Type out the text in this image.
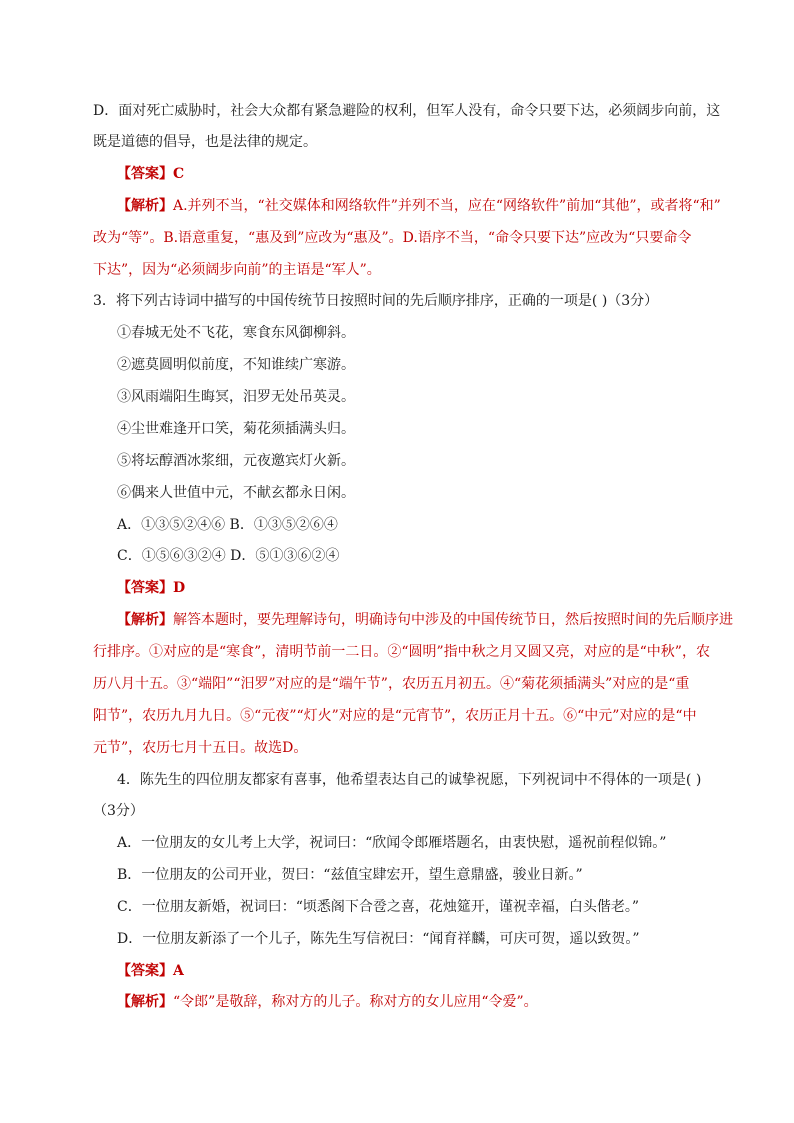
D．面对死亡威胁时，社会大众都有紧急避险的权利，但军人没有，命令只要下达，必须阔步向前，这
既是道德的倡导，也是法律的规定。
【答案】C
【解析】A.并列不当，“社交媒体和网络软件”并列不当，应在“网络软件”前加“其他”，或者将“和”
改为“等”。B.语意重复，“惠及到”应改为“惠及”。D.语序不当，“命令只要下达”应改为“只要命令
下达”，因为“必须阔步向前”的主语是“军人”。
3．将下列古诗词中描写的中国传统节日按照时间的先后顺序排序，正确的一项是( )（3分）
①春城无处不飞花，寒食东风御柳斜。
②遮莫圆明似前度，不知谁续广寒游。
③风雨端阳生晦冥，汨罗无处吊英灵。
④尘世难逢开口笑，菊花须插满头归。
⑤将坛醇酒冰浆细，元夜邀宾灯火新。
⑥偶来人世值中元，不献玄都永日闲。
A．①③⑤②④⑥ B．①③⑤②⑥④
C．①⑤⑥③②④ D．⑤①③⑥②④
【答案】D
【解析】解答本题时，要先理解诗句，明确诗句中涉及的中国传统节日，然后按照时间的先后顺序进
行排序。①对应的是“寒食”，清明节前一二日。②“圆明”指中秋之月又圆又亮，对应的是“中秋”，农
历八月十五。③“端阳”“汨罗”对应的是“端午节”，农历五月初五。④“菊花须插满头”对应的是“重
阳节”，农历九月九日。⑤“元夜”“灯火”对应的是“元宵节”，农历正月十五。⑥“中元”对应的是“中
元节”，农历七月十五日。故选D。
4．陈先生的四位朋友都家有喜事，他希望表达自己的诚挚祝愿，下列祝词中不得体的一项是( )
（3分）
A．一位朋友的女儿考上大学，祝词曰：“欣闻令郎雁塔题名，由衷快慰，遥祝前程似锦。”
B．一位朋友的公司开业，贺曰：“兹值宝肆宏开，望生意鼎盛，骏业日新。”
C．一位朋友新婚，祝词曰：“顷悉阁下合卺之喜，花烛筵开，谨祝幸福，白头偕老。”
D．一位朋友新添了一个儿子，陈先生写信祝曰：“闻育祥麟，可庆可贺，遥以致贺。”
【答案】A
【解析】“令郎”是敬辞，称对方的儿子。称对方的女儿应用“令爱”。
